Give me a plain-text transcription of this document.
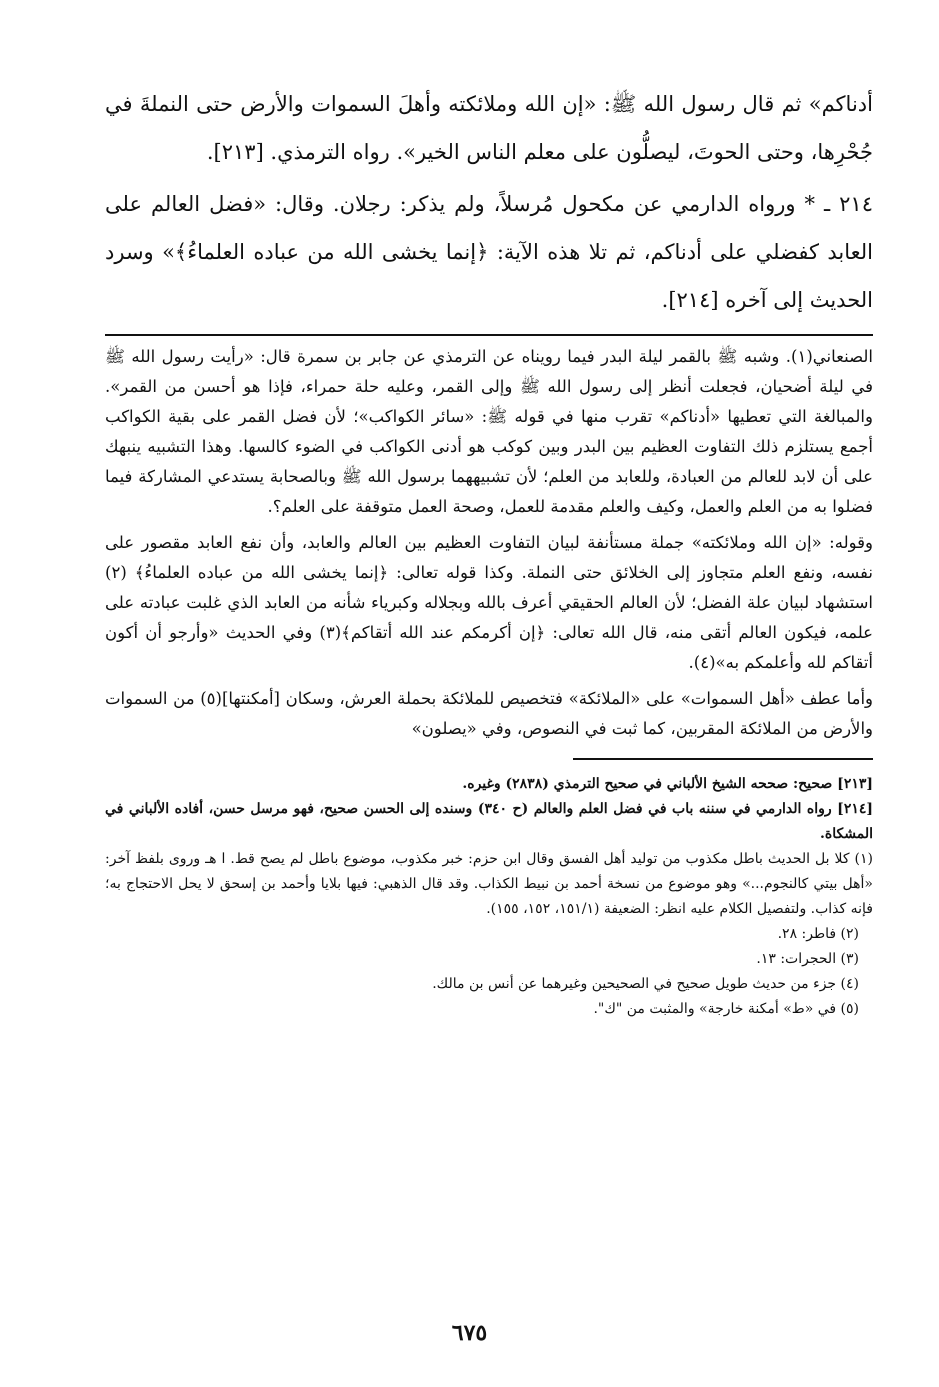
أدناكم» ثم قال رسول الله ﷺ: «إن الله وملائكته وأهلَ السموات والأرض حتى النملةَ في جُحْرِها، وحتى الحوتَ، ليصلُّون على معلم الناس الخير». رواه الترمذي. [٢١٣].

٢١٤ ـ * ورواه الدارمي عن مكحول مُرسلاً، ولم يذكر: رجلان. وقال: «فضل العالم على العابد كفضلي على أدناكم، ثم تلا هذه الآية: ﴿إنما يخشى الله من عباده العلماءُ﴾» وسرد الحديث إلى آخره [٢١٤].

الصنعاني(١). وشبه ﷺ بالقمر ليلة البدر فيما رويناه عن الترمذي عن جابر بن سمرة قال: «رأيت رسول الله ﷺ في ليلة أضحيان، فجعلت أنظر إلى رسول الله ﷺ وإلى القمر، وعليه حلة حمراء، فإذا هو أحسن من القمر». والمبالغة التي تعطيها «أدناكم» تقرب منها في قوله ﷺ: «سائر الكواكب»؛ لأن فضل القمر على بقية الكواكب أجمع يستلزم ذلك التفاوت العظيم بين البدر وبين كوكب هو أدنى الكواكب في الضوء كالسها. وهذا التشبيه ينبهك على أن لابد للعالم من العبادة، وللعابد من العلم؛ لأن تشبيههما برسول الله ﷺ وبالصحابة يستدعي المشاركة فيما فضلوا به من العلم والعمل، وكيف والعلم مقدمة للعمل، وصحة العمل متوقفة على العلم؟.

وقوله: «إن الله وملائكته» جملة مستأنفة لبيان التفاوت العظيم بين العالم والعابد، وأن نفع العابد مقصور على نفسه، ونفع العلم متجاوز إلى الخلائق حتى النملة. وكذا قوله تعالى: ﴿إنما يخشى الله من عباده العلماءُ﴾ (٢) استشهاد لبيان علة الفضل؛ لأن العالم الحقيقي أعرف بالله وبجلاله وكبرياء شأنه من العابد الذي غلبت عبادته على علمه، فيكون العالم أتقى منه، قال الله تعالى: ﴿إن أكرمكم عند الله أتقاكم﴾(٣) وفي الحديث «وأرجو أن أكون أتقاكم لله وأعلمكم به»(٤).

وأما عطف «أهل السموات» على «الملائكة» فتخصيص للملائكة بحملة العرش، وسكان [أمكنتها](٥) من السموات والأرض من الملائكة المقربين، كما ثبت في النصوص، وفي «يصلون»

[٢١٣] صحيح: صححه الشيخ الألباني في صحيح الترمذي (٢٨٣٨) وغيره.

[٢١٤] رواه الدارمي في سننه باب في فضل العلم والعالم (ح ٣٤٠) وسنده إلى الحسن صحيح، فهو مرسل حسن، أفاده الألباني في المشكاة.

(١) كلا بل الحديث باطل مكذوب من توليد أهل الفسق وقال ابن حزم: خبر مكذوب، موضوع باطل لم يصح قط. ا هـ وروى بلفظ آخر: «أهل بيتي كالنجوم...» وهو موضوع من نسخة أحمد بن نبيط الكذاب. وقد قال الذهبي: فيها بلايا وأحمد بن إسحق لا يحل الاحتجاج به؛ فإنه كذاب. ولتفصيل الكلام عليه انظر: الضعيفة (١٥١/١، ١٥٢، ١٥٥).

(٢) فاطر: ٢٨.

(٣) الحجرات: ١٣.

(٤) جزء من حديث طويل صحيح في الصحيحين وغيرهما عن أنس بن مالك.

(٥) في «ط» أمكنة خارجة» والمثبت من "ك".

٦٧٥
